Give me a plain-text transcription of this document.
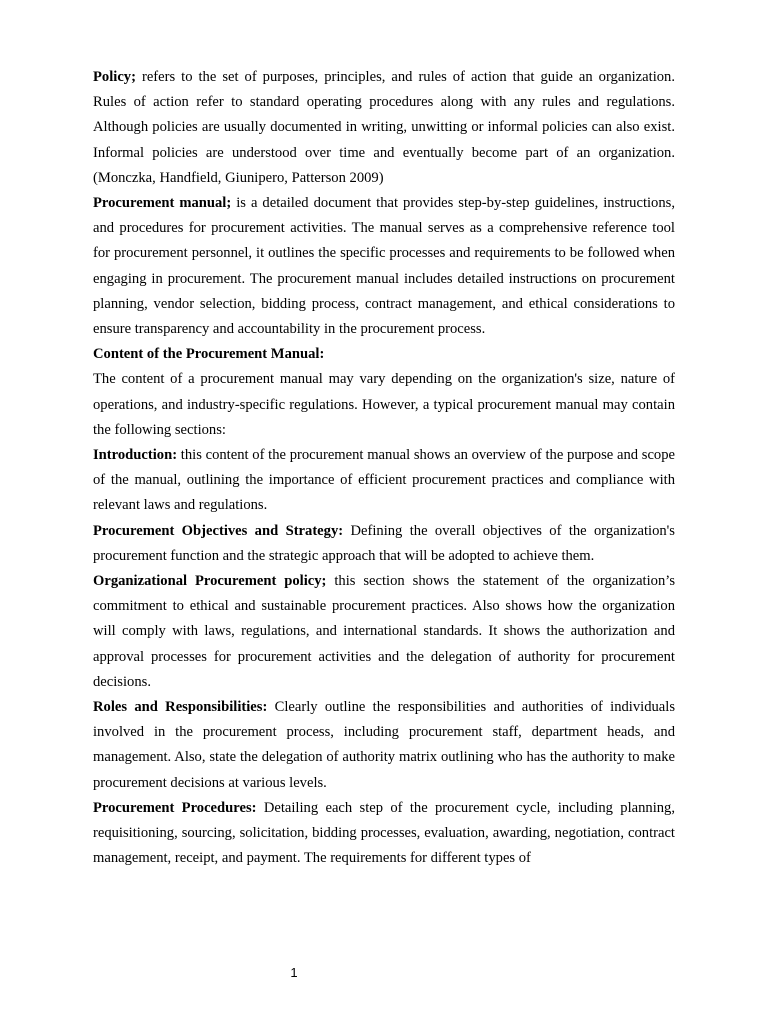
Policy; refers to the set of purposes, principles, and rules of action that guide an organization. Rules of action refer to standard operating procedures along with any rules and regulations. Although policies are usually documented in writing, unwitting or informal policies can also exist. Informal policies are understood over time and eventually become part of an organization. (Monczka, Handfield, Giunipero, Patterson 2009)

Procurement manual; is a detailed document that provides step-by-step guidelines, instructions, and procedures for procurement activities. The manual serves as a comprehensive reference tool for procurement personnel, it outlines the specific processes and requirements to be followed when engaging in procurement. The procurement manual includes detailed instructions on procurement planning, vendor selection, bidding process, contract management, and ethical considerations to ensure transparency and accountability in the procurement process.

Content of the Procurement Manual:

The content of a procurement manual may vary depending on the organization's size, nature of operations, and industry-specific regulations. However, a typical procurement manual may contain the following sections:

Introduction: this content of the procurement manual shows an overview of the purpose and scope of the manual, outlining the importance of efficient procurement practices and compliance with relevant laws and regulations.

Procurement Objectives and Strategy: Defining the overall objectives of the organization's procurement function and the strategic approach that will be adopted to achieve them.

Organizational Procurement policy; this section shows the statement of the organization’s commitment to ethical and sustainable procurement practices. Also shows how the organization will comply with laws, regulations, and international standards. It shows the authorization and approval processes for procurement activities and the delegation of authority for procurement decisions.

Roles and Responsibilities: Clearly outline the responsibilities and authorities of individuals involved in the procurement process, including procurement staff, department heads, and management. Also, state the delegation of authority matrix outlining who has the authority to make procurement decisions at various levels.

Procurement Procedures: Detailing each step of the procurement cycle, including planning, requisitioning, sourcing, solicitation, bidding processes, evaluation, awarding, negotiation, contract management, receipt, and payment. The requirements for different types of

1
